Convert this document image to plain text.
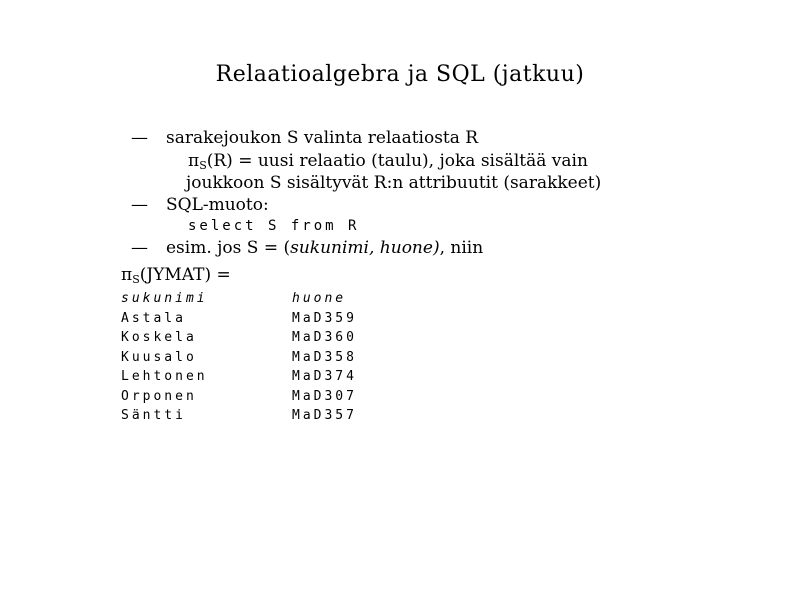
Relaatioalgebra ja SQL (jatkuu)
— sarakejoukon S valinta relaatiosta R
$\pi_S(R)$ = uusi relaatio (taulu), joka sisältää vain
joukkoon S sisältyvät R:n attribuutit (sarakkeet)
— SQL-muoto:
select S from R
— esim. jos S = (sukunimi, huone), niin
$\pi_S(JYMAT)$ =
sukunimi	huone
Astala	MaD359
Koskela	MaD360
Kuusalo	MaD358
Lehtonen	MaD374
Orponen	MaD307
Säntti	MaD357
